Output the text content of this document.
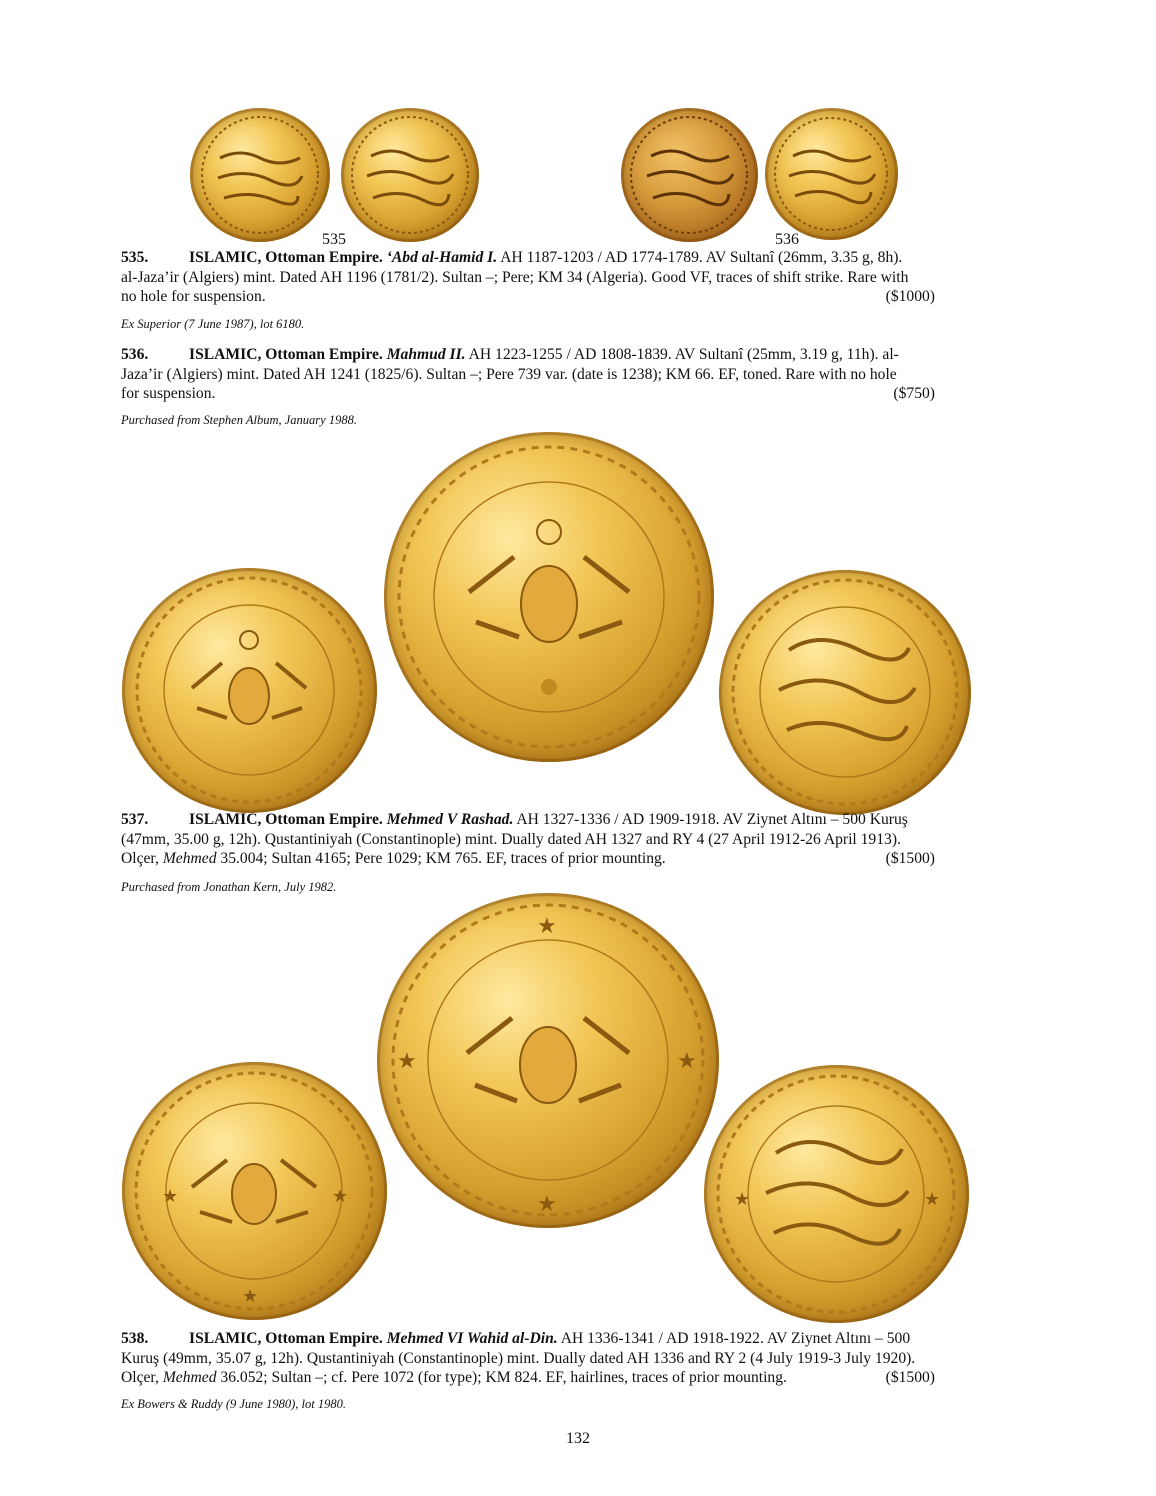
535	536
535.	ISLAMIC, Ottoman Empire. ‘Abd al-Hamid I. AH 1187-1203 / AD 1774-1789. AV Sultanî (26mm, 3.35 g, 8h).
al-Jaza’ir (Algiers) mint. Dated AH 1196 (1781/2). Sultan –; Pere; KM 34 (Algeria). Good VF, traces of shift strike. Rare with
no hole for suspension.	($1000)
Ex Superior (7 June 1987), lot 6180.
536.	ISLAMIC, Ottoman Empire. Mahmud II. AH 1223-1255 / AD 1808-1839. AV Sultanî (25mm, 3.19 g, 11h). al-
Jaza’ir (Algiers) mint. Dated AH 1241 (1825/6). Sultan –; Pere 739 var. (date is 1238); KM 66. EF, toned. Rare with no hole
for suspension.	($750)
Purchased from Stephen Album, January 1988.
537.	ISLAMIC, Ottoman Empire. Mehmed V Rashad. AH 1327-1336 / AD 1909-1918. AV Ziynet Altını – 500 Kuruş
(47mm, 35.00 g, 12h). Qustantiniyah (Constantinople) mint. Dually dated AH 1327 and RY 4 (27 April 1912-26 April 1913).
Olçer, Mehmed 35.004; Sultan 4165; Pere 1029; KM 765. EF, traces of prior mounting.	($1500)
Purchased from Jonathan Kern, July 1982.
★	★
★
★	★
★
★	★	★
538.	ISLAMIC, Ottoman Empire. Mehmed VI Wahid al-Din. AH 1336-1341 / AD 1918-1922. AV Ziynet Altını – 500
Kuruş (49mm, 35.07 g, 12h). Qustantiniyah (Constantinople) mint. Dually dated AH 1336 and RY 2 (4 July 1919-3 July 1920).
Olçer, Mehmed 36.052; Sultan –; cf. Pere 1072 (for type); KM 824. EF, hairlines, traces of prior mounting.	($1500)
Ex Bowers & Ruddy (9 June 1980), lot 1980.
132
